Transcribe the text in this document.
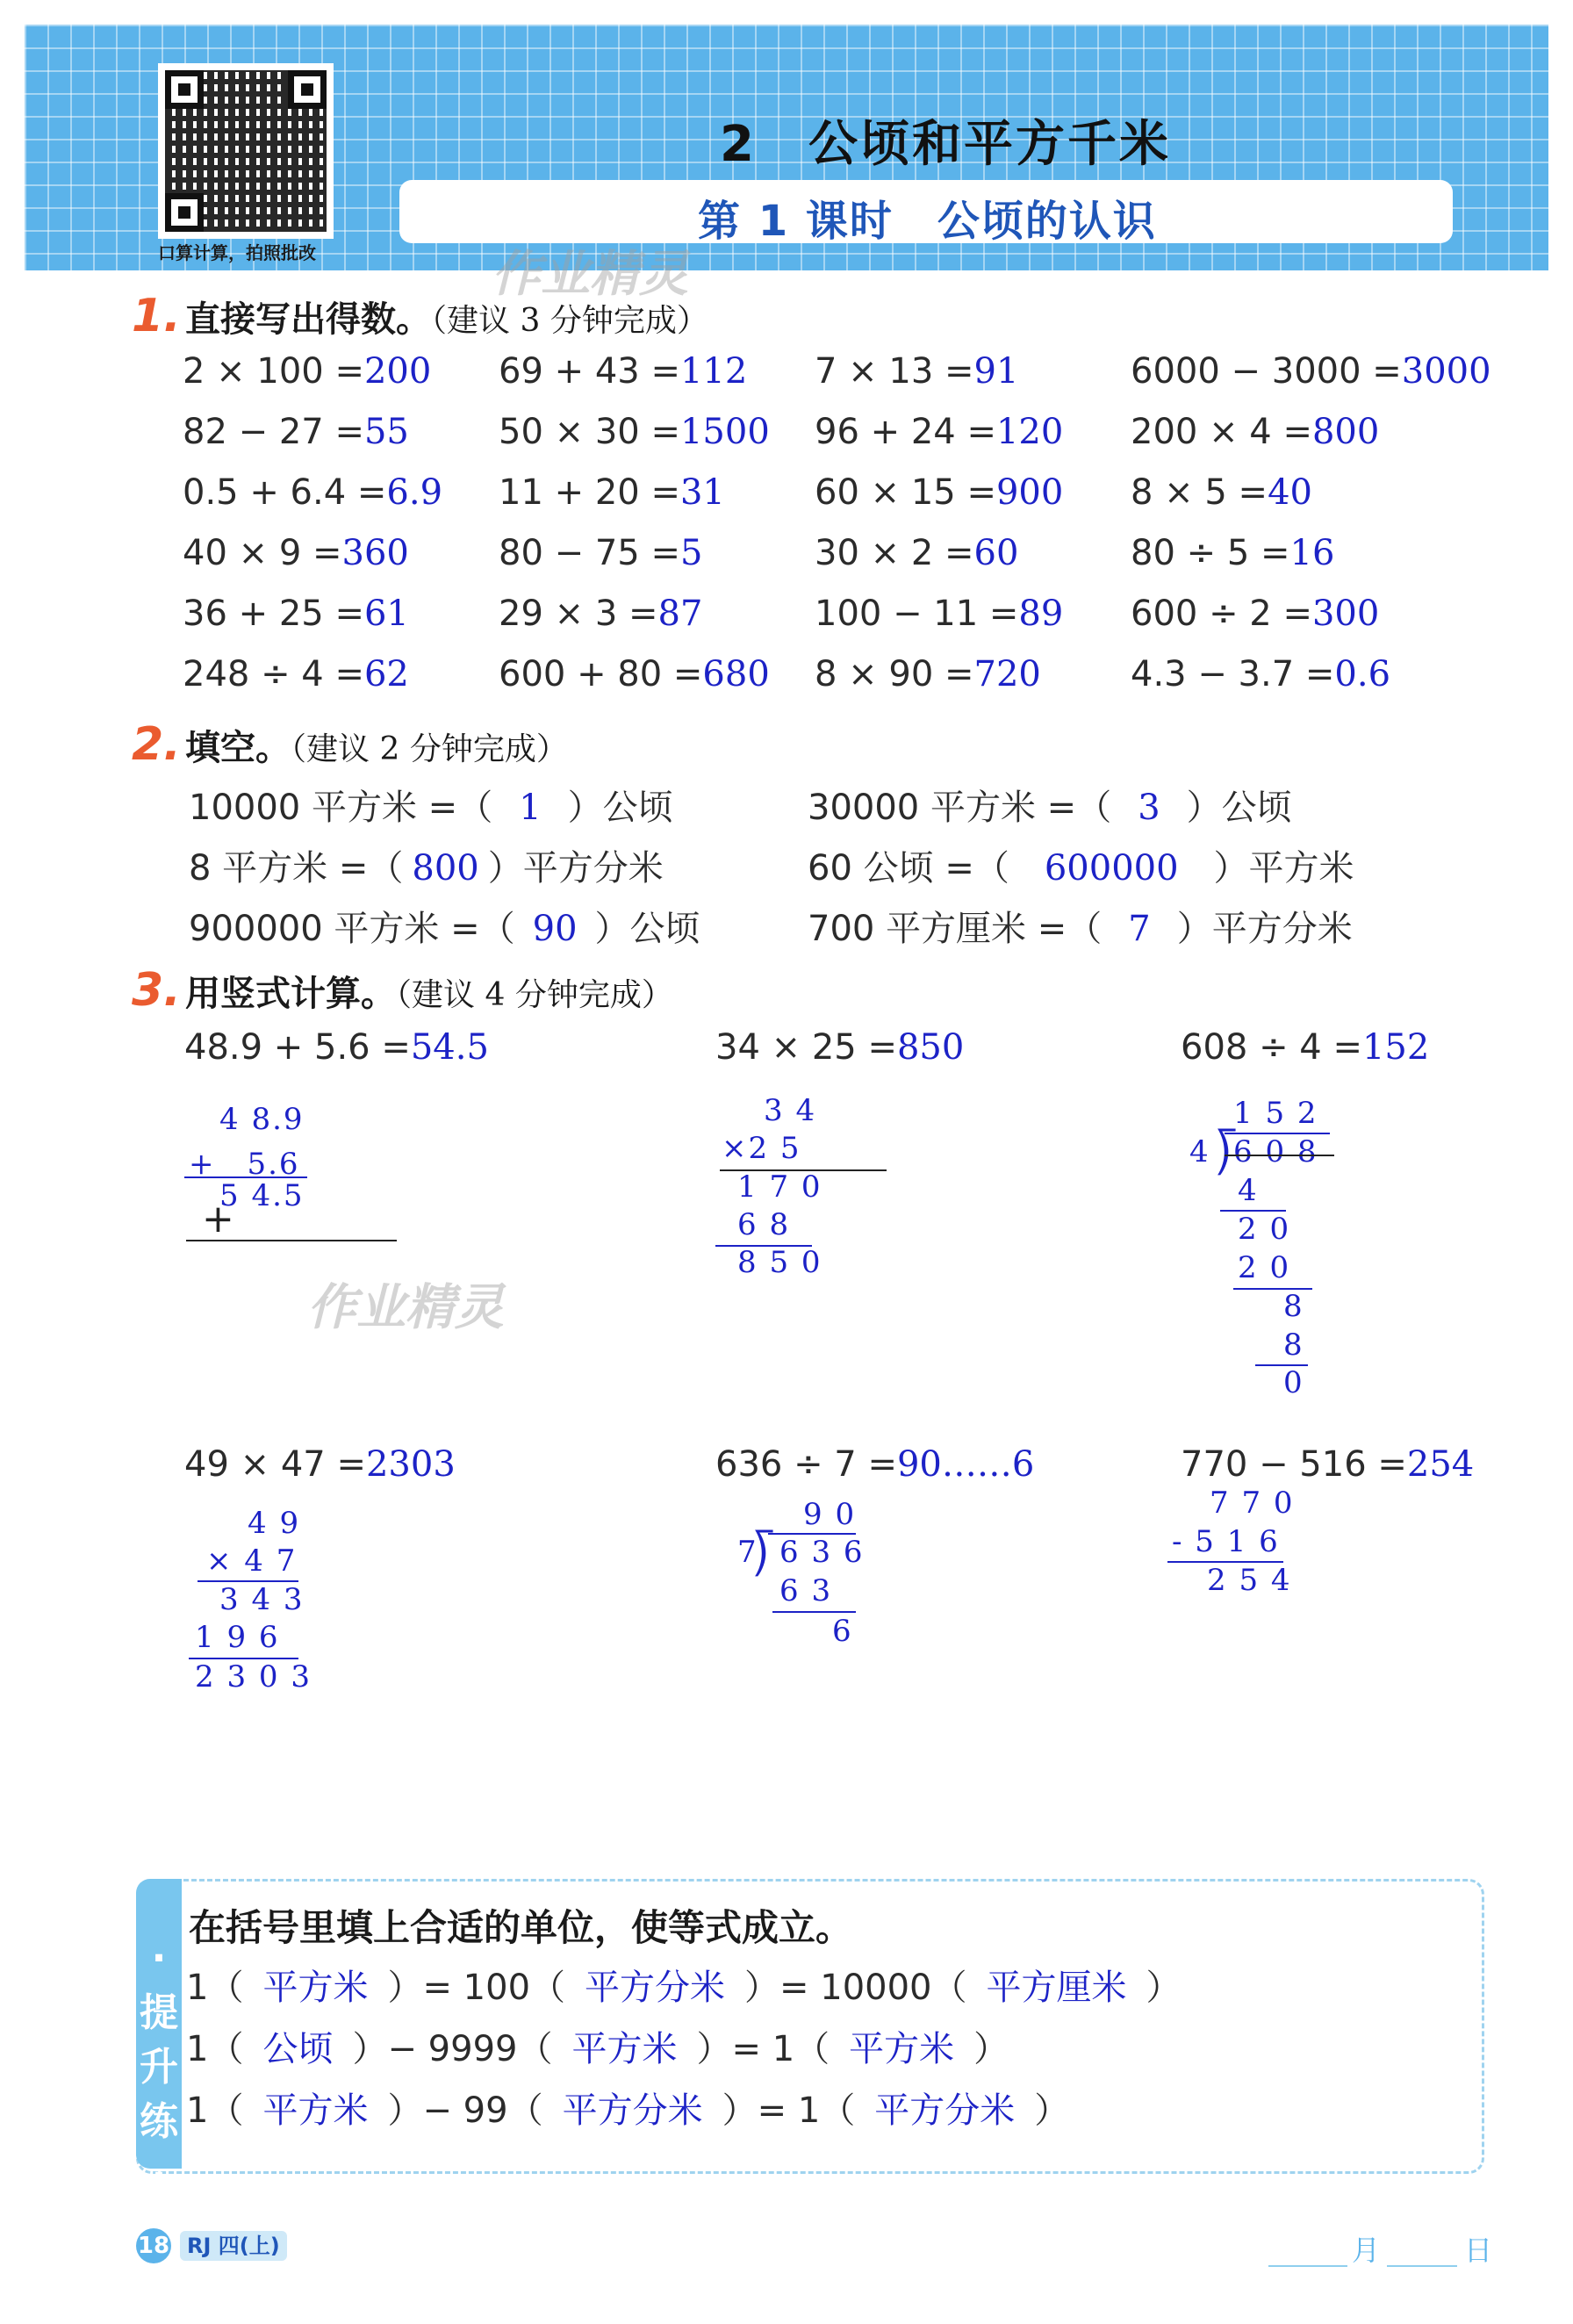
口算计算，拍照批改
2　公顷和平方千米
第 1 课时　公顷的认识
作业精灵
1. 直接写出得数。（建议 3 分钟完成）
2 × 100 =200 69 + 43 =112 7 × 13 =91	6000 − 3000 =3000
82 − 27 =55	50 × 30 =1500 96 + 24 =120 200 × 4 =800
0.5 + 6.4 =6.9 11 + 20 =31	60 × 15 =900 8 × 5 =40
40 × 9 =360	80 − 75 =5	30 × 2 =60	80 ÷ 5 =16
36 + 25 =61	29 × 3 =87	100 − 11 =89 600 ÷ 2 =300
248 ÷ 4 =62	600 + 80 =680 8 × 90 =720	4.3 − 3.7 =0.6
2. 填空。（建议 2 分钟完成）
10000 平方米 =（ 1 ）公顷	30000 平方米 =（ 3 ）公顷
8 平方米 =（ 800 ）平方分米	60 公顷 =（ 600000 ）平方米
900000 平方米 =（ 90 ）公顷	700 平方厘米 =（ 7 ）平方分米
3. 用竖式计算。（建议 4 分钟完成）
48.9 + 5.6 =54.5	34 × 25 =850	608 ÷ 4 =152
49 × 47 =2303	636 ÷ 7 =90……6	770 − 516 =254
4 8.9
+　5.6
5 4.5
+
作业精灵
3 4
×2 5
1 7 0
6 8
8 5 0
1 5 2
4 ⟌
6 0 8
4
2 0
2 0
8
8
0
4 9
× 4 7
3 4 3
1 9 6
2 3 0 3
9 0
7
⟌ 6 3 6
6 3
6
7 7 0
- 5 1 6
2 5 4
·提升练·
在括号里填上合适的单位，使等式成立。
1（ 平方米 ）= 100（ 平方分米 ）= 10000（ 平方厘米 ）
1（ 公顷 ）− 9999（ 平方米 ）= 1（ 平方米 ）
1（ 平方米 ）− 99（ 平方分米 ）= 1（ 平方分米 ）
18 RJ 四(上)	月	日
